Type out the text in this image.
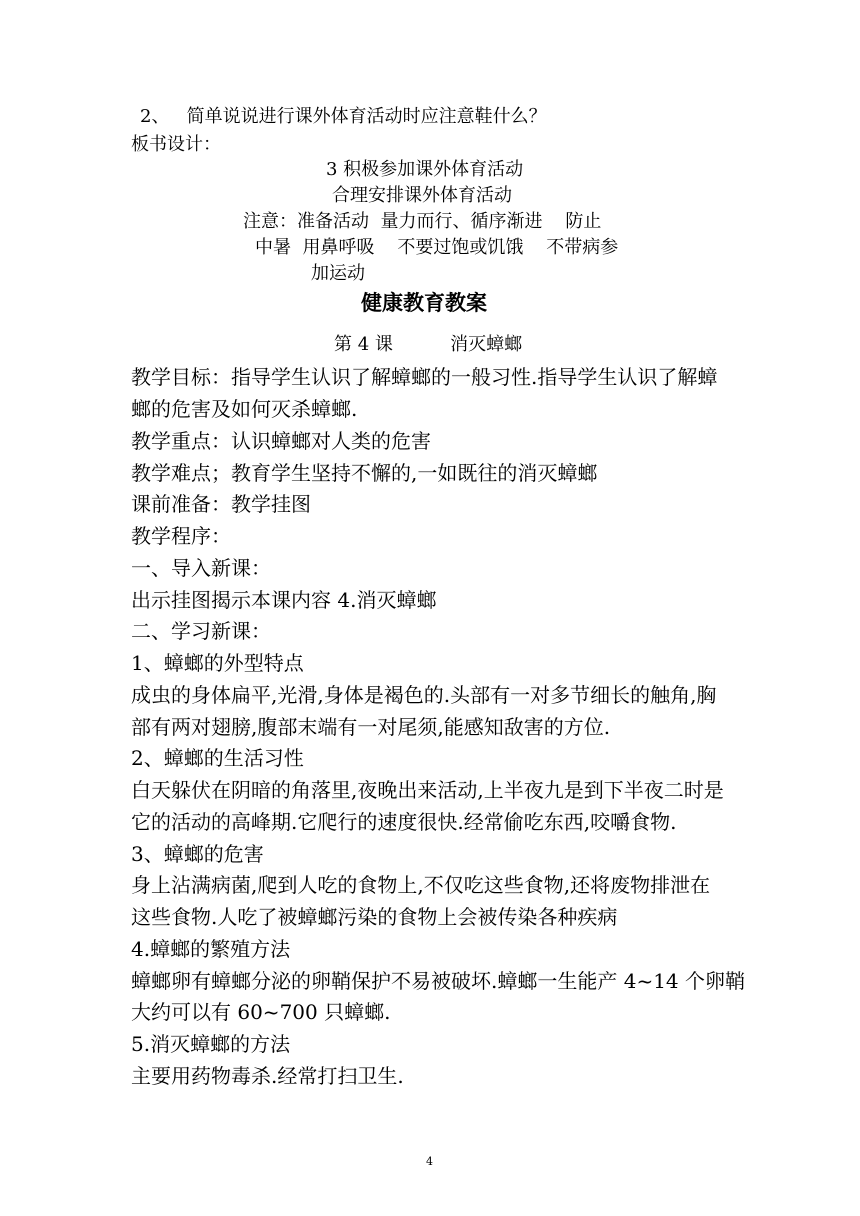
2、   简单说说进行课外体育活动时应注意鞋什么？
板书设计：
3 积极参加课外体育活动
合理安排课外体育活动
注意：准备活动  量力而行、循序渐进    防止
中暑  用鼻呼吸    不要过饱或饥饿    不带病参
加运动
健康教育教案
第 4 课          消灭蟑螂
教学目标：指导学生认识了解蟑螂的一般习性.指导学生认识了解蟑
螂的危害及如何灭杀蟑螂.
教学重点：认识蟑螂对人类的危害
教学难点；教育学生坚持不懈的,一如既往的消灭蟑螂
课前准备：教学挂图
教学程序：
一、导入新课：
出示挂图揭示本课内容 4.消灭蟑螂
二、学习新课：
1、蟑螂的外型特点
成虫的身体扁平,光滑,身体是褐色的.头部有一对多节细长的触角,胸
部有两对翅膀,腹部末端有一对尾须,能感知敌害的方位.
2、蟑螂的生活习性
白天躲伏在阴暗的角落里,夜晚出来活动,上半夜九是到下半夜二时是
它的活动的高峰期.它爬行的速度很快.经常偷吃东西,咬嚼食物.
3、蟑螂的危害
身上沾满病菌,爬到人吃的食物上,不仅吃这些食物,还将废物排泄在
这些食物.人吃了被蟑螂污染的食物上会被传染各种疾病
4.蟑螂的繁殖方法
蟑螂卵有蟑螂分泌的卵鞘保护不易被破坏.蟑螂一生能产 4~14 个卵鞘
大约可以有 60~700 只蟑螂.
5.消灭蟑螂的方法
主要用药物毒杀.经常打扫卫生.
4
